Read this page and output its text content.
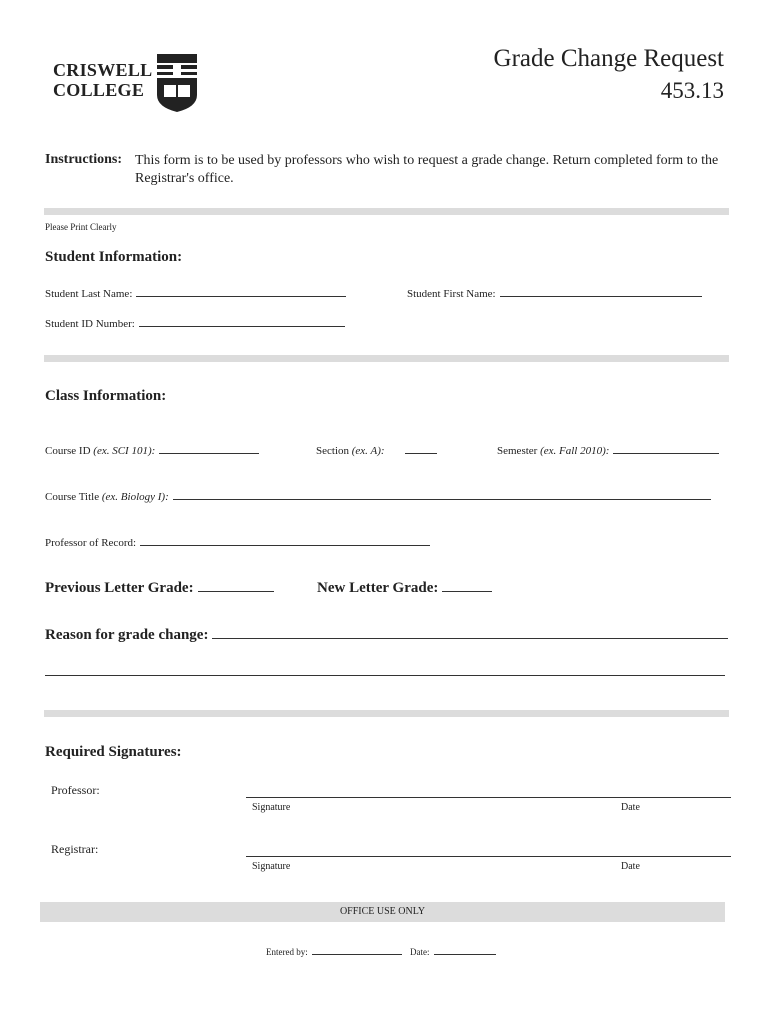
CRISWELL
COLLEGE
Grade Change Request
453.13
Instructions: This form is to be used by professors who wish to request a grade change. Return completed form to the Registrar's office.
Please Print Clearly
Student Information:
Student Last Name:	Student First Name:
Student ID Number:
Class Information:
Course ID (ex. SCI 101):	Section (ex. A):	Semester (ex. Fall 2010):
Course Title (ex. Biology I):
Professor of Record:
Previous Letter Grade:	New Letter Grade:
Reason for grade change:
Required Signatures:
Professor:
Signature	Date
Registrar:
Signature	Date
OFFICE USE ONLY
Entered by:	Date:
